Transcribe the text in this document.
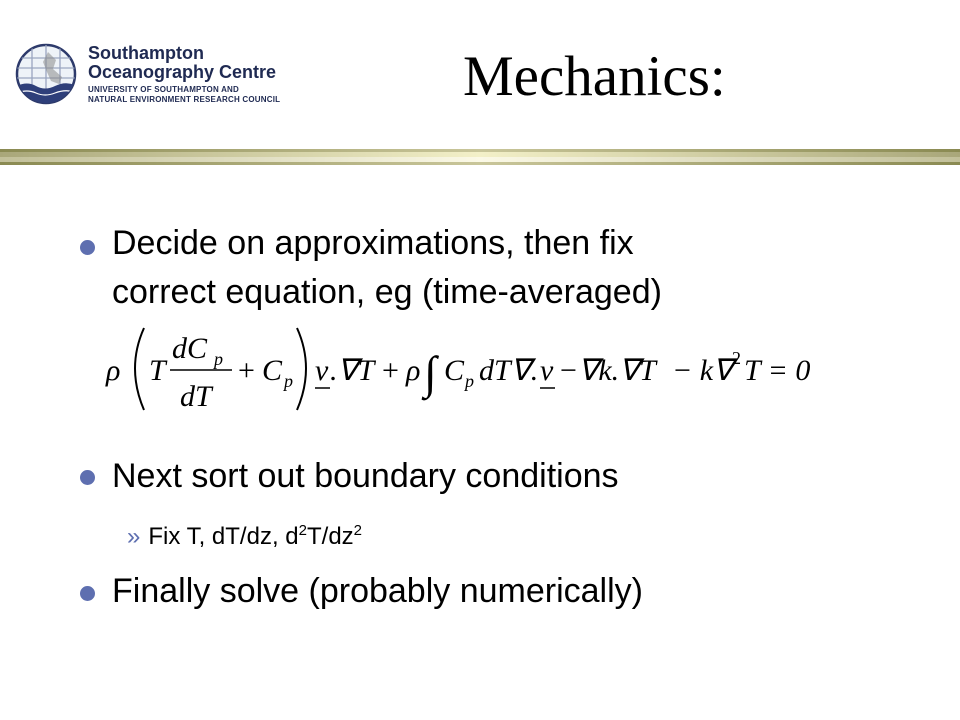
Southampton
Oceanography Centre
UNIVERSITY OF SOUTHAMPTON AND
NATURAL ENVIRONMENT RESEARCH COUNCIL	Mechanics:
Decide on approximations, then fix
correct equation, eg (time-averaged)
ρ T
dC p
dT
+ C p v .∇T + ρ ∫ C p dT∇. v −∇k.∇T − k∇
2 T = 0
Next sort out boundary conditions
» Fix T, dT/dz, $d^2T/dz^2$
Finally solve (probably numerically)
